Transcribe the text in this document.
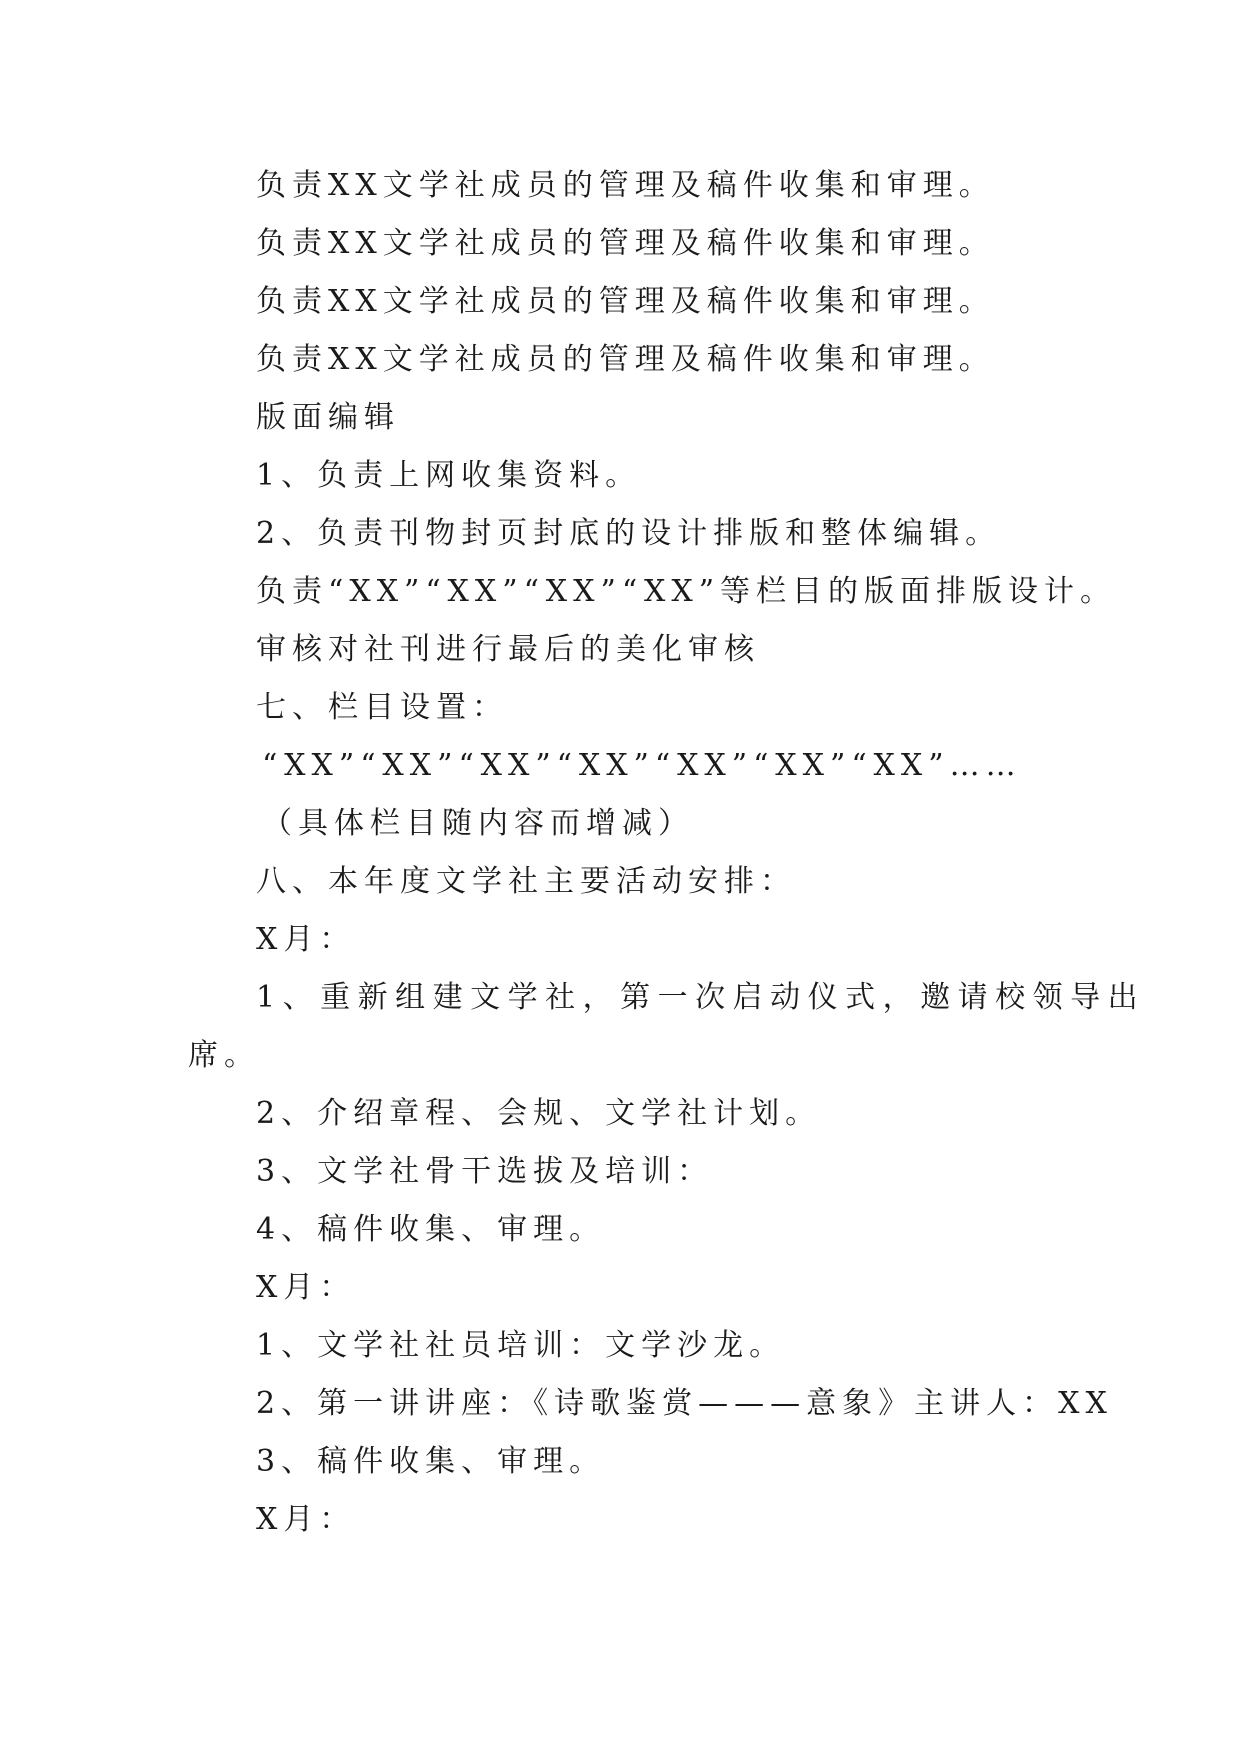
负责XX文学社成员的管理及稿件收集和审理。
负责XX文学社成员的管理及稿件收集和审理。
负责XX文学社成员的管理及稿件收集和审理。
负责XX文学社成员的管理及稿件收集和审理。
版面编辑
1、负责上网收集资料。
2、负责刊物封页封底的设计排版和整体编辑。
负责“XX”“XX”“XX”“XX”等栏目的版面排版设计。
审核对社刊进行最后的美化审核
七、栏目设置：
“XX”“XX”“XX”“XX”“XX”“XX”“XX”……
（具体栏目随内容而增减）
八、本年度文学社主要活动安排：
X月：
1、重新组建文学社，第一次启动仪式，邀请校领导出
席。
2、介绍章程、会规、文学社计划。
3、文学社骨干选拔及培训：
4、稿件收集、审理。
X月：
1、文学社社员培训：文学沙龙。
2、第一讲讲座：《诗歌鉴赏———意象》主讲人：XX
3、稿件收集、审理。
X月：
